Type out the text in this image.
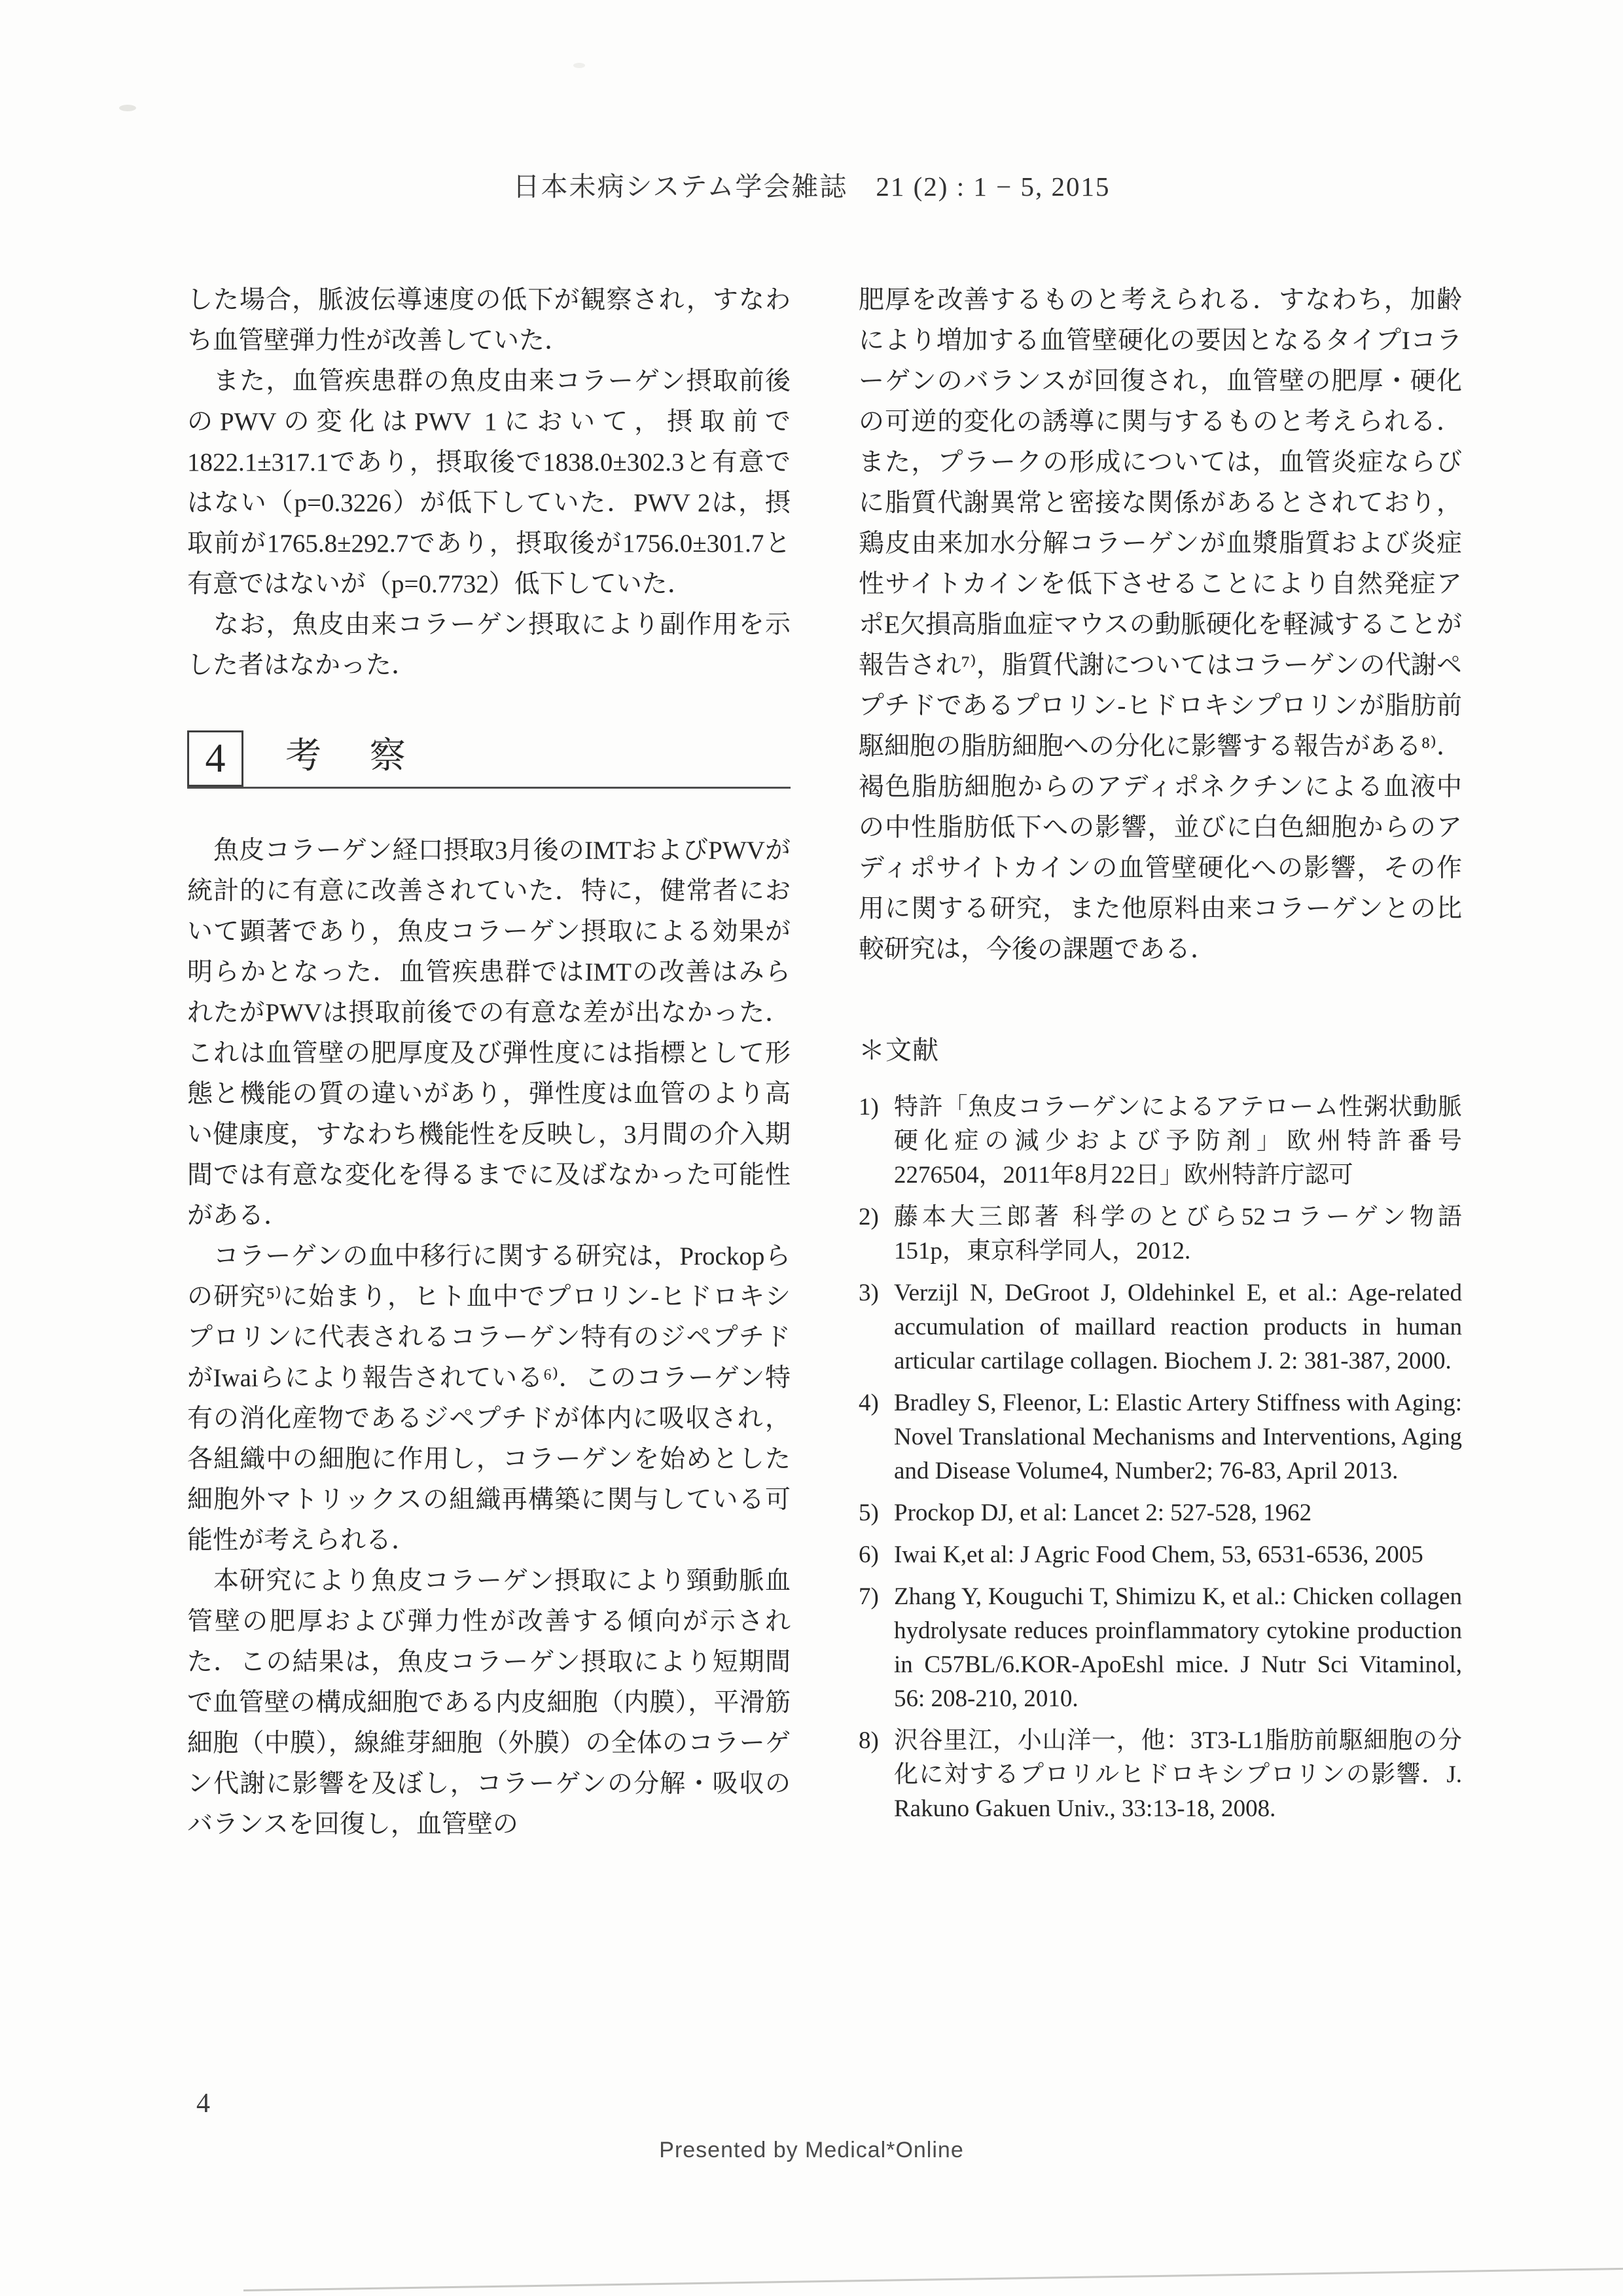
日本未病システム学会雑誌　21 (2) : 1 − 5, 2015

した場合，脈波伝導速度の低下が観察され，すなわち血管壁弾力性が改善していた．

また，血管疾患群の魚皮由来コラーゲン摂取前後のPWVの変化はPWV 1において，摂取前で1822.1±317.1であり，摂取後で1838.0±302.3と有意ではない（p=0.3226）が低下していた．PWV 2は，摂取前が1765.8±292.7であり，摂取後が1756.0±301.7と有意ではないが（p=0.7732）低下していた．

なお，魚皮由来コラーゲン摂取により副作用を示した者はなかった．

4 考 察

魚皮コラーゲン経口摂取3月後のIMTおよびPWVが統計的に有意に改善されていた．特に，健常者において顕著であり，魚皮コラーゲン摂取による効果が明らかとなった．血管疾患群ではIMTの改善はみられたがPWVは摂取前後での有意な差が出なかった．これは血管壁の肥厚度及び弾性度には指標として形態と機能の質の違いがあり，弾性度は血管のより高い健康度，すなわち機能性を反映し，3月間の介入期間では有意な変化を得るまでに及ばなかった可能性がある．

コラーゲンの血中移行に関する研究は，Prockopらの研究⁵⁾に始まり，ヒト血中でプロリン-ヒドロキシプロリンに代表されるコラーゲン特有のジペプチドがIwaiらにより報告されている⁶⁾．このコラーゲン特有の消化産物であるジペプチドが体内に吸収され，各組織中の細胞に作用し，コラーゲンを始めとした細胞外マトリックスの組織再構築に関与している可能性が考えられる．

本研究により魚皮コラーゲン摂取により頸動脈血管壁の肥厚および弾力性が改善する傾向が示された．この結果は，魚皮コラーゲン摂取により短期間で血管壁の構成細胞である内皮細胞（内膜），平滑筋細胞（中膜），線維芽細胞（外膜）の全体のコラーゲン代謝に影響を及ぼし，コラーゲンの分解・吸収のバランスを回復し，血管壁の

肥厚を改善するものと考えられる．すなわち，加齢により増加する血管壁硬化の要因となるタイプIコラーゲンのバランスが回復され，血管壁の肥厚・硬化の可逆的変化の誘導に関与するものと考えられる．また，プラークの形成については，血管炎症ならびに脂質代謝異常と密接な関係があるとされており，鶏皮由来加水分解コラーゲンが血漿脂質および炎症性サイトカインを低下させることにより自然発症アポE欠損高脂血症マウスの動脈硬化を軽減することが報告され⁷⁾，脂質代謝についてはコラーゲンの代謝ペプチドであるプロリン-ヒドロキシプロリンが脂肪前駆細胞の脂肪細胞への分化に影響する報告がある⁸⁾．褐色脂肪細胞からのアディポネクチンによる血液中の中性脂肪低下への影響，並びに白色細胞からのアディポサイトカインの血管壁硬化への影響，その作用に関する研究，また他原料由来コラーゲンとの比較研究は，今後の課題である．

＊文献
1) 特許「魚皮コラーゲンによるアテローム性粥状動脈硬化症の減少および予防剤」欧州特許番号2276504，2011年8月22日」欧州特許庁認可
2) 藤本大三郎著 科学のとびら52コラーゲン物語 151p，東京科学同人，2012.
3) Verzijl N, DeGroot J, Oldehinkel E, et al.: Age-related accumulation of maillard reaction products in human articular cartilage collagen. Biochem J. 2: 381-387, 2000.
4) Bradley S, Fleenor, L: Elastic Artery Stiffness with Aging: Novel Translational Mechanisms and Interventions, Aging and Disease Volume4, Number2; 76-83, April 2013.
5) Prockop DJ, et al: Lancet 2: 527-528, 1962
6) Iwai K,et al: J Agric Food Chem, 53, 6531-6536, 2005
7) Zhang Y, Kouguchi T, Shimizu K, et al.: Chicken collagen hydrolysate reduces proinflammatory cytokine production in C57BL/6.KOR-ApoEshl mice. J Nutr Sci Vitaminol, 56: 208-210, 2010.
8) 沢谷里江，小山洋一，他：3T3-L1脂肪前駆細胞の分化に対するプロリルヒドロキシプロリンの影響．J. Rakuno Gakuen Univ., 33:13-18, 2008.
4
Presented by Medical*Online
